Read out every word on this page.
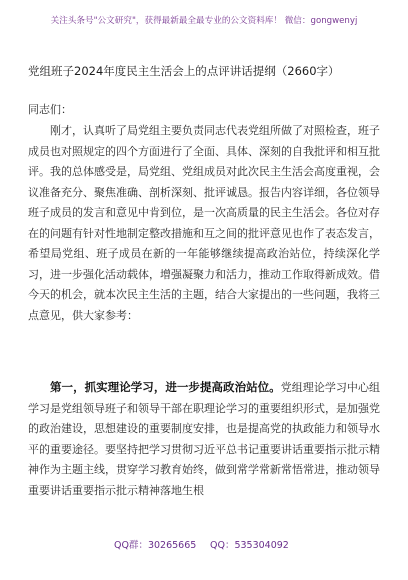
关注头条号"公文研究"，获得最新最全最专业的公文资料库！ 微信：gongwenyj
党组班子2024年度民主生活会上的点评讲话提纲（2660字）
同志们：
刚才，认真听了局党组主要负责同志代表党组所做了对照检查，班子成员也对照规定的四个方面进行了全面、具体、深刻的自我批评和相互批评。我的总体感受是，局党组、党组成员对此次民主生活会高度重视，会议准备充分、聚焦准确、剖析深刻、批评诚恳。报告内容详细，各位领导班子成员的发言和意见中肯到位，是一次高质量的民主生活会。各位对存在的问题有针对性地制定整改措施和互之间的批评意见也作了表态发言，希望局党组、班子成员在新的一年能够继续提高政治站位，持续深化学习，进一步强化活动载体，增强凝聚力和活力，推动工作取得新成效。借今天的机会，就本次民主生活的主题，结合大家提出的一些问题，我将三点意见，供大家参考：
第一，抓实理论学习，进一步提高政治站位。党组理论学习中心组学习是党组领导班子和领导干部在职理论学习的重要组织形式，是加强党的政治建设，思想建设的重要制度安排，也是提高党的执政能力和领导水平的重要途径。要坚持把学习贯彻习近平总书记重要讲话重要指示批示精神作为主题主线，贯穿学习教育始终，做到常学常新常悟常进，推动领导重要讲话重要指示批示精神落地生根
QQ群：30265665 QQ：535304092
